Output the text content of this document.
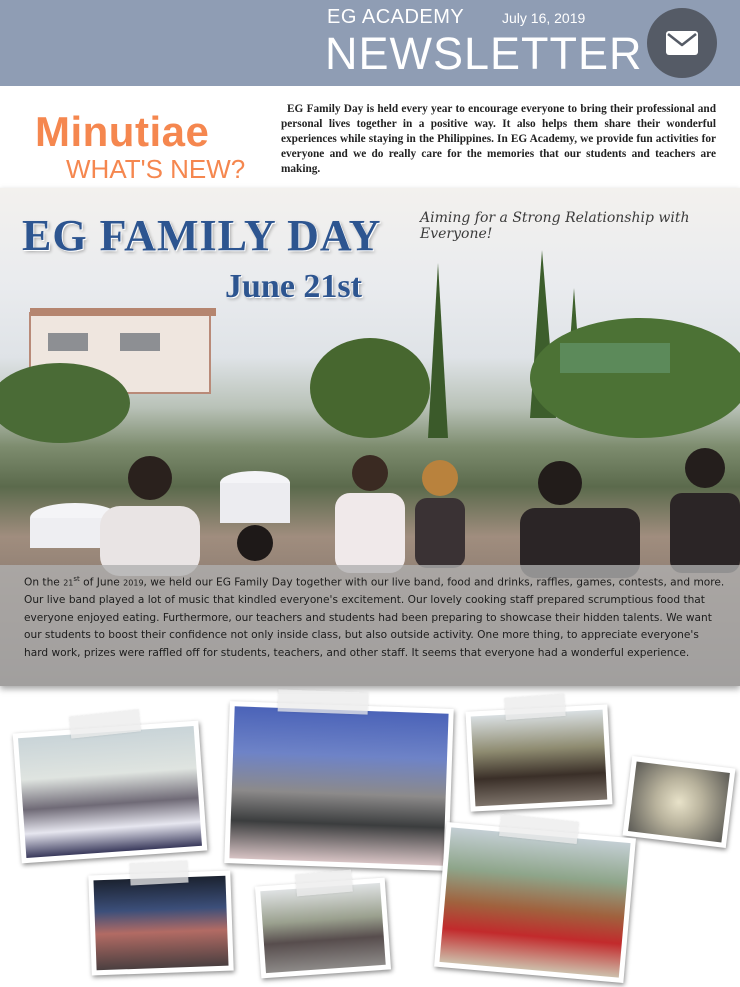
EG ACADEMY	July 16, 2019
NEWSLETTER
Minutiae
WHAT'S NEW?

EG Family Day is held every year to encourage everyone to bring their professional and personal lives together in a positive way. It also helps them share their wonderful experiences while staying in the Philippines. In EG Academy, we provide fun activities for everyone and we do really care for the memories that our students and teachers are making.

EG FAMILY DAY
June 21st
Aiming for a Strong Relationship with Everyone!
On the 21st of June 2019, we held our EG Family Day together with our live band, food and drinks, raffles, games, contests, and more. Our live band played a lot of music that kindled everyone's excitement. Our lovely cooking staff prepared scrumptious food that everyone enjoyed eating. Furthermore, our teachers and students had been preparing to showcase their hidden talents. We want our students to boost their confidence not only inside class, but also outside activity. One more thing, to appreciate everyone's hard work, prizes were raffled off for students, teachers, and other staff. It seems that everyone had a wonderful experience.
